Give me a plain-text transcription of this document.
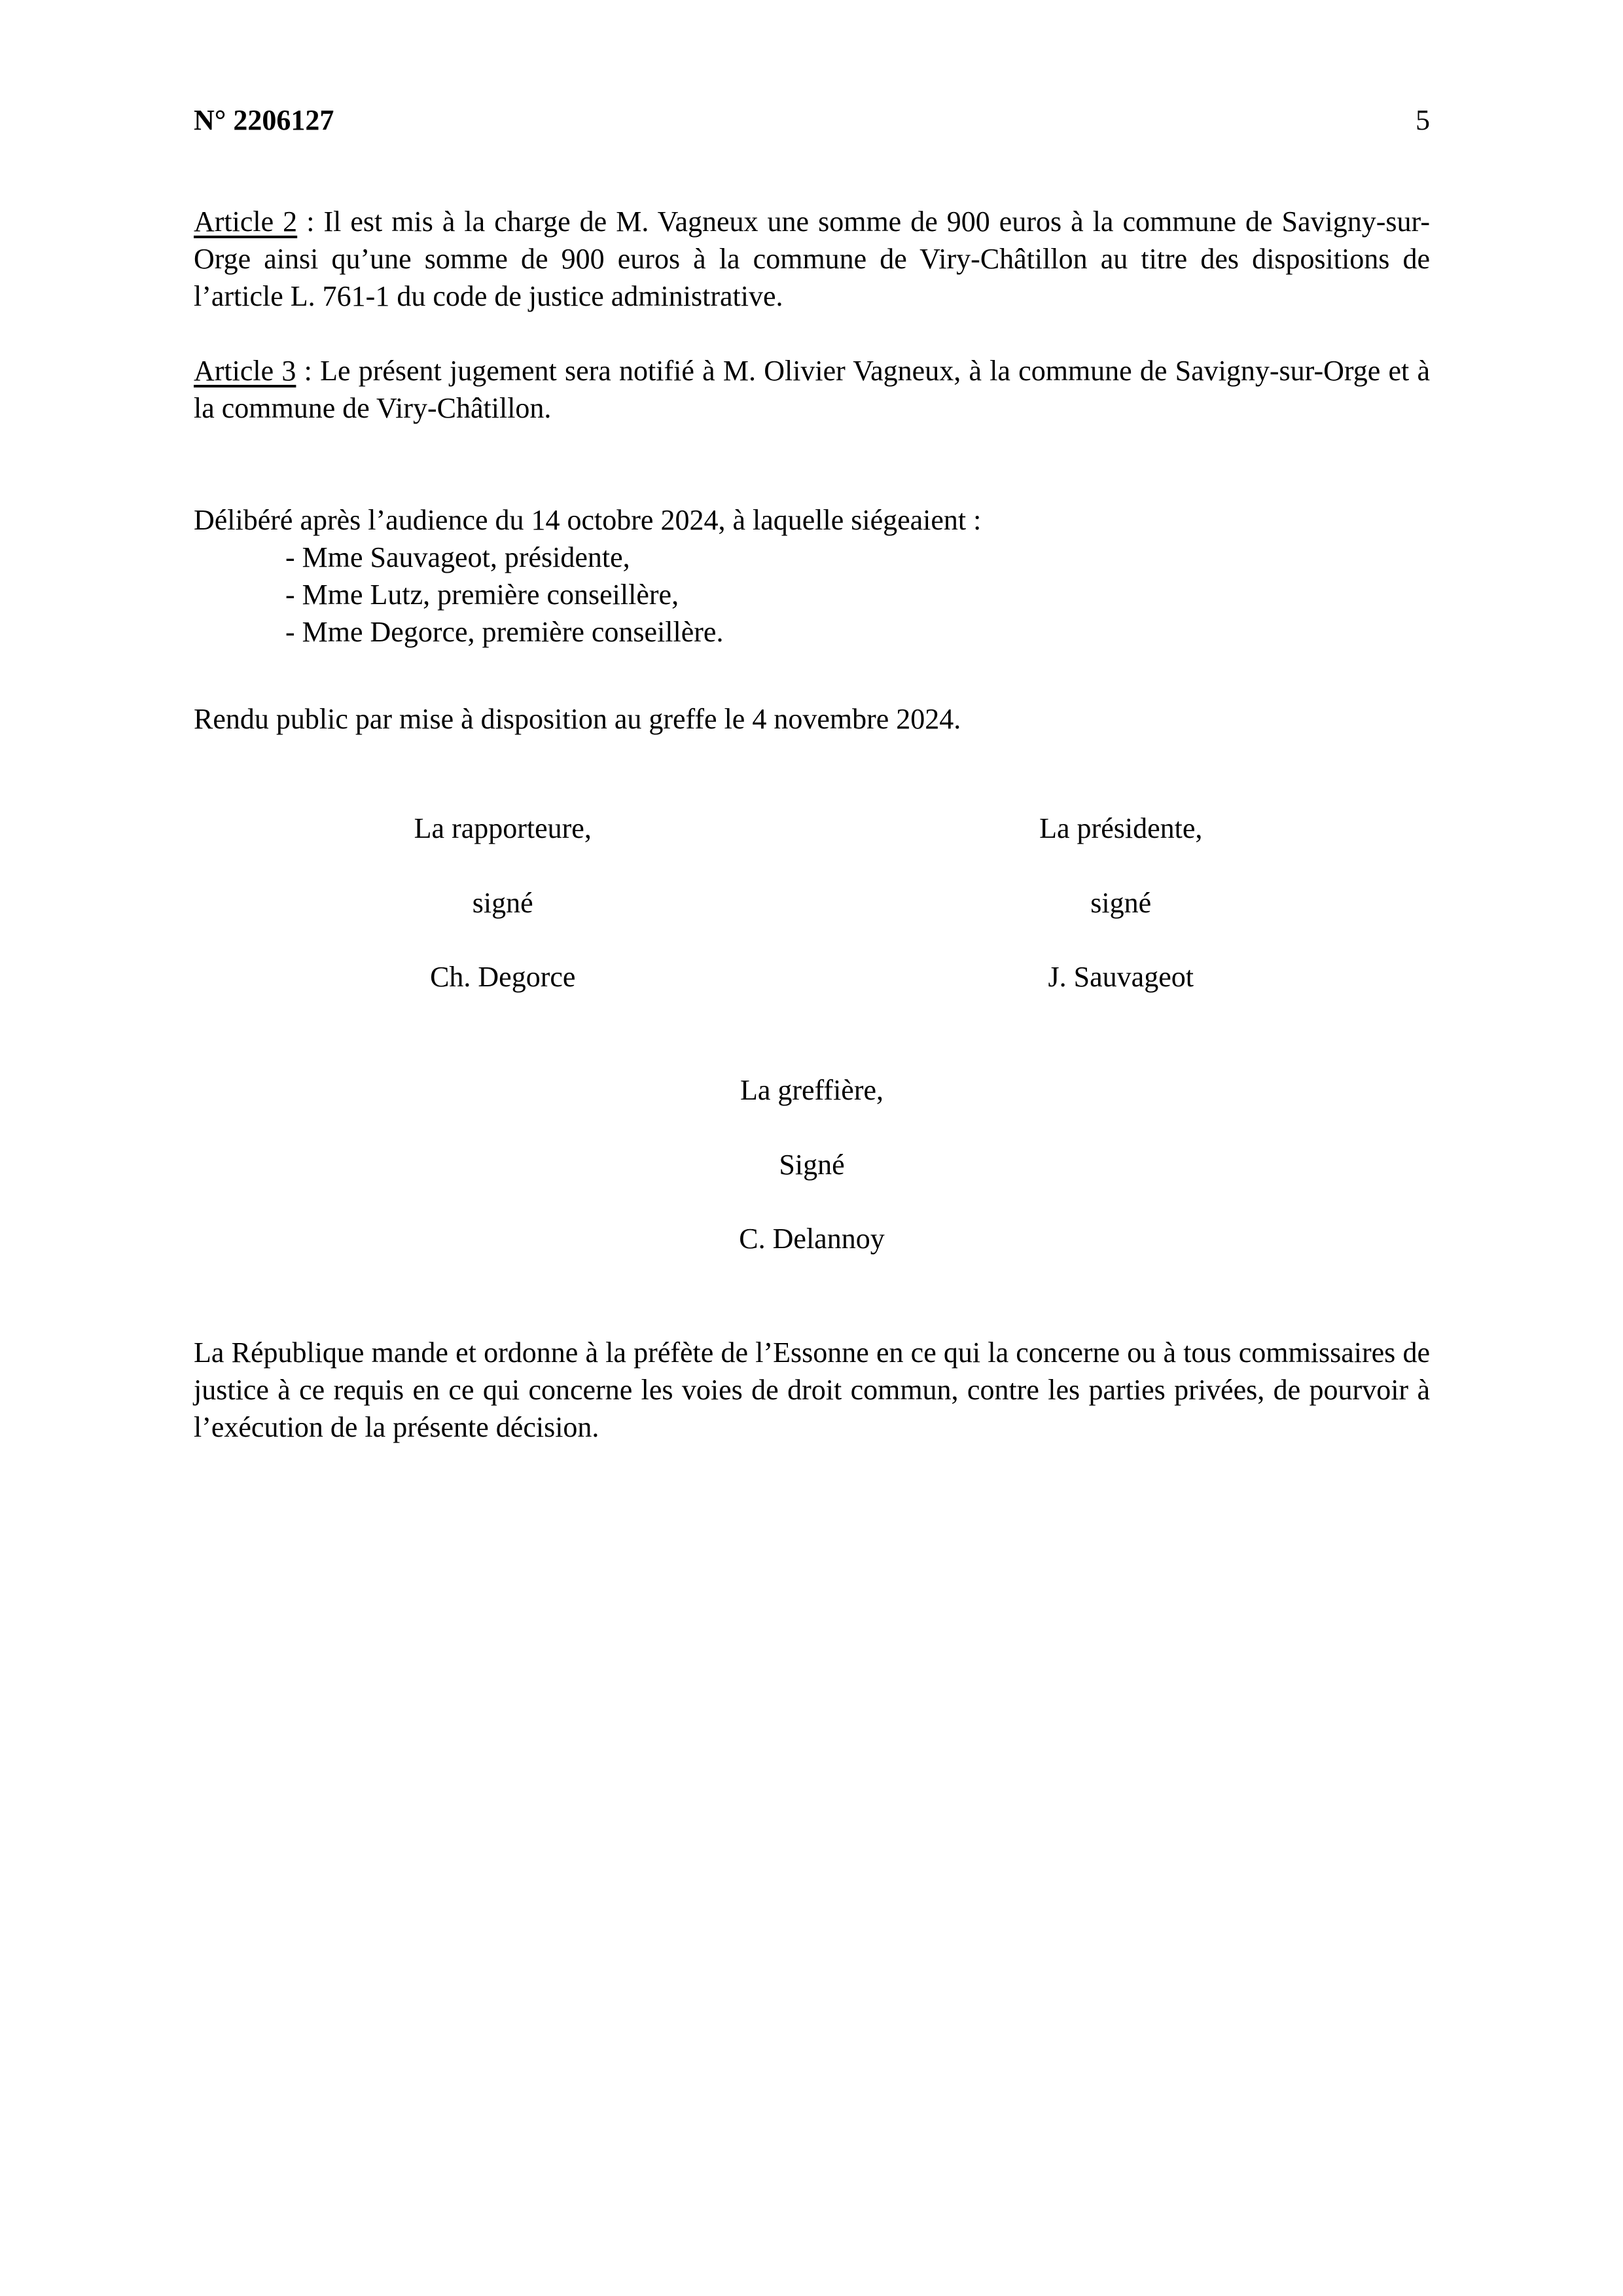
N° 2206127	5

Article 2 : Il est mis à la charge de M. Vagneux une somme de 900 euros à la commune de Savigny-sur-Orge ainsi qu’une somme de 900 euros à la commune de Viry-Châtillon au titre des dispositions de l’article L. 761-1 du code de justice administrative.

Article 3 : Le présent jugement sera notifié à M. Olivier Vagneux, à la commune de Savigny-sur-Orge et à la commune de Viry-Châtillon.

Délibéré après l’audience du 14 octobre 2024, à laquelle siégeaient :
- Mme Sauvageot, présidente,
- Mme Lutz, première conseillère,
- Mme Degorce, première conseillère.
Rendu public par mise à disposition au greffe le 4 novembre 2024.
La rapporteure,
signé
Ch. Degorce
La présidente,
signé
J. Sauvageot
La greffière,
Signé
C. Delannoy

La République mande et ordonne à la préfète de l’Essonne en ce qui la concerne ou à tous commissaires de justice à ce requis en ce qui concerne les voies de droit commun, contre les parties privées, de pourvoir à l’exécution de la présente décision.
